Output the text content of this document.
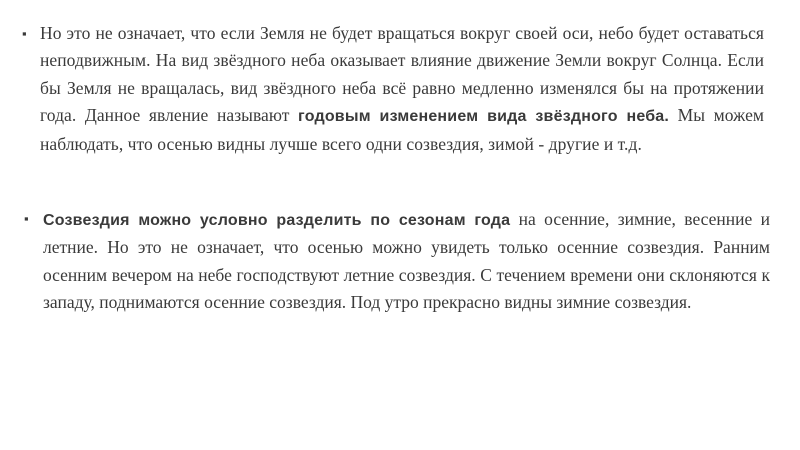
▪ Но это не означает, что если Земля не будет вращаться вокруг своей оси, небо будет оставаться неподвижным. На вид звёздного неба оказывает влияние движение Земли вокруг Солнца. Если бы Земля не вращалась, вид звёздного неба всё равно медленно изменялся бы на протяжении года. Данное явление называют годовым изменением вида звёздного неба. Мы можем наблюдать, что осенью видны лучше всего одни созвездия, зимой - другие и т.д.
▪ Созвездия можно условно разделить по сезонам года на осенние, зимние, весенние и летние. Но это не означает, что осенью можно увидеть только осенние созвездия. Ранним осенним вечером на небе господствуют летние созвездия. С течением времени они склоняются к западу, поднимаются осенние созвездия. Под утро прекрасно видны зимние созвездия.
